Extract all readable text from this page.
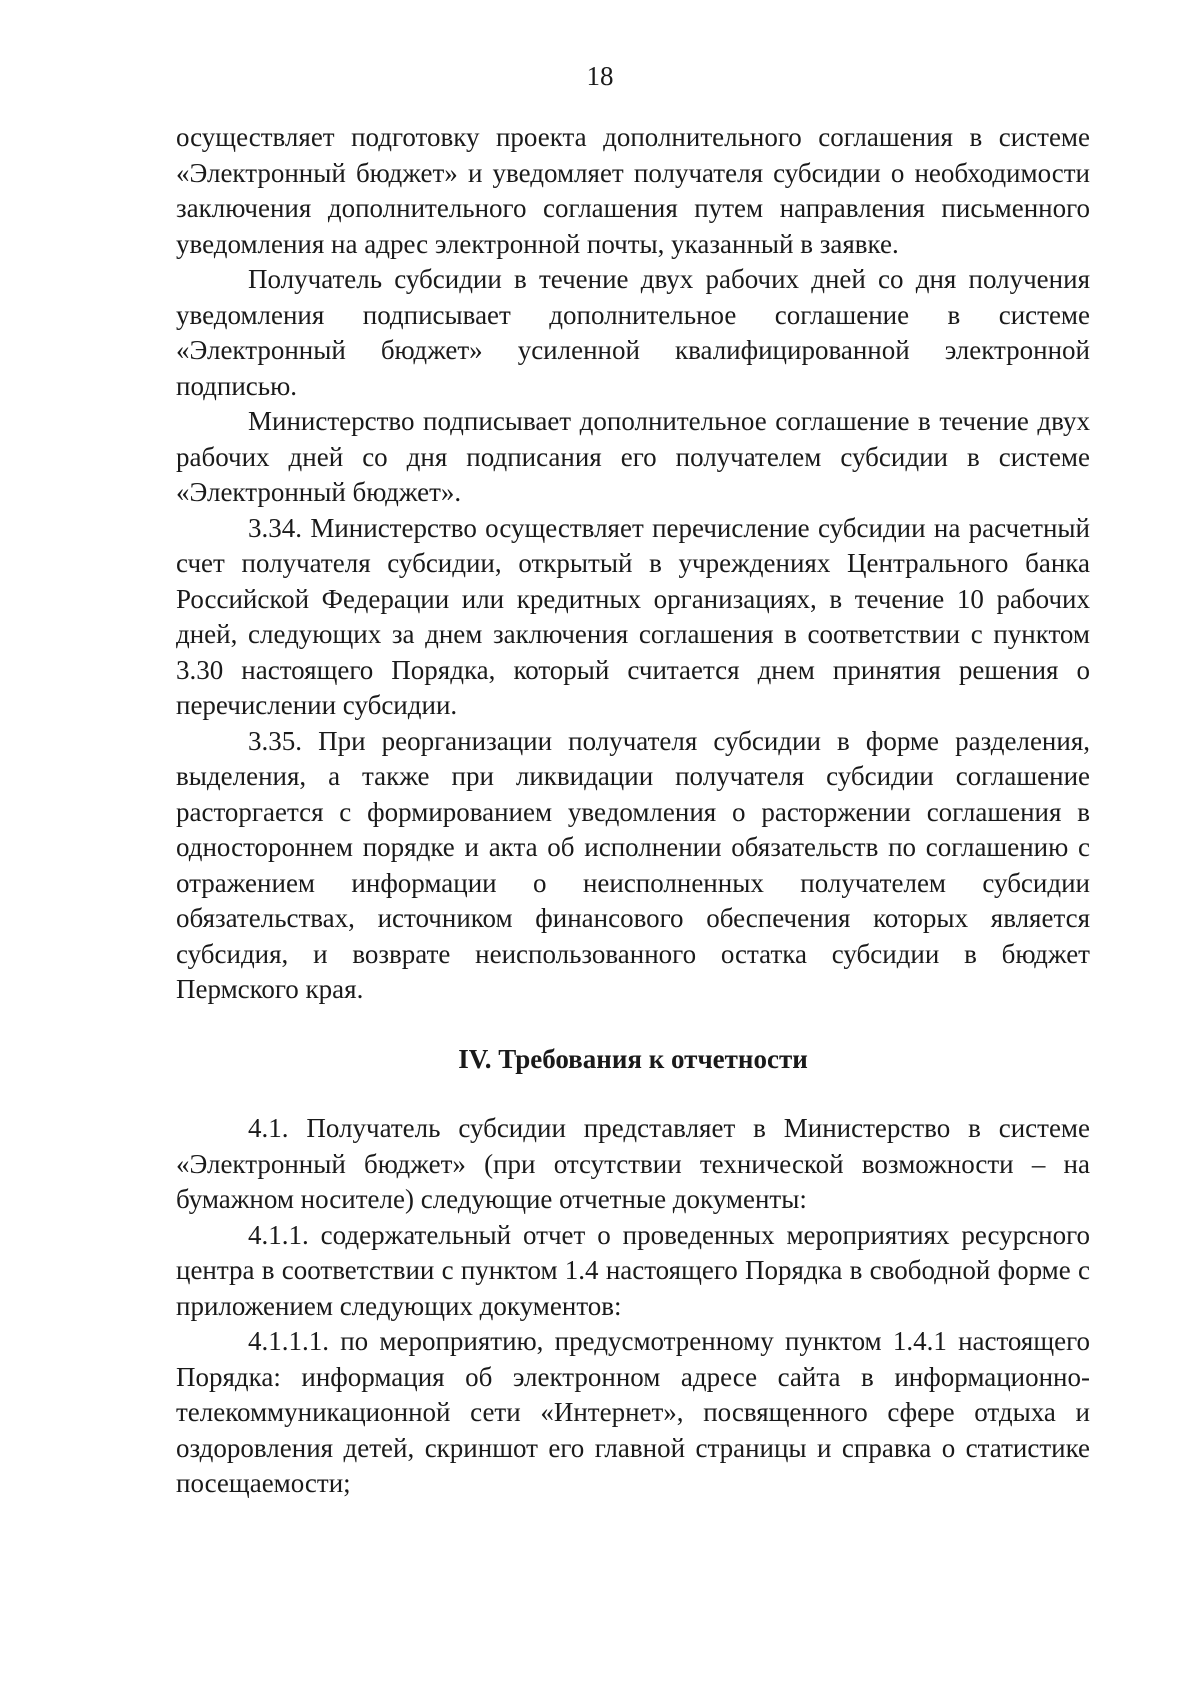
18

осуществляет подготовку проекта дополнительного соглашения в системе «Электронный бюджет» и уведомляет получателя субсидии о необходимости заключения дополнительного соглашения путем направления письменного уведомления на адрес электронной почты, указанный в заявке.

Получатель субсидии в течение двух рабочих дней со дня получения уведомления подписывает дополнительное соглашение в системе «Электронный бюджет» усиленной квалифицированной электронной подписью.

Министерство подписывает дополнительное соглашение в течение двух рабочих дней со дня подписания его получателем субсидии в системе «Электронный бюджет».

3.34. Министерство осуществляет перечисление субсидии на расчетный счет получателя субсидии, открытый в учреждениях Центрального банка Российской Федерации или кредитных организациях, в течение 10 рабочих дней, следующих за днем заключения соглашения в соответствии с пунктом 3.30 настоящего Порядка, который считается днем принятия решения о перечислении субсидии.

3.35. При реорганизации получателя субсидии в форме разделения, выделения, а также при ликвидации получателя субсидии соглашение расторгается с формированием уведомления о расторжении соглашения в одностороннем порядке и акта об исполнении обязательств по соглашению с отражением информации о неисполненных получателем субсидии обязательствах, источником финансового обеспечения которых является субсидия, и возврате неиспользованного остатка субсидии в бюджет Пермского края.

IV. Требования к отчетности

4.1. Получатель субсидии представляет в Министерство в системе «Электронный бюджет» (при отсутствии технической возможности – на бумажном носителе) следующие отчетные документы:

4.1.1. содержательный отчет о проведенных мероприятиях ресурсного центра в соответствии с пунктом 1.4 настоящего Порядка в свободной форме с приложением следующих документов:

4.1.1.1. по мероприятию, предусмотренному пунктом 1.4.1 настоящего Порядка: информация об электронном адресе сайта в информационно-телекоммуникационной сети «Интернет», посвященного сфере отдыха и оздоровления детей, скриншот его главной страницы и справка о статистике посещаемости;
